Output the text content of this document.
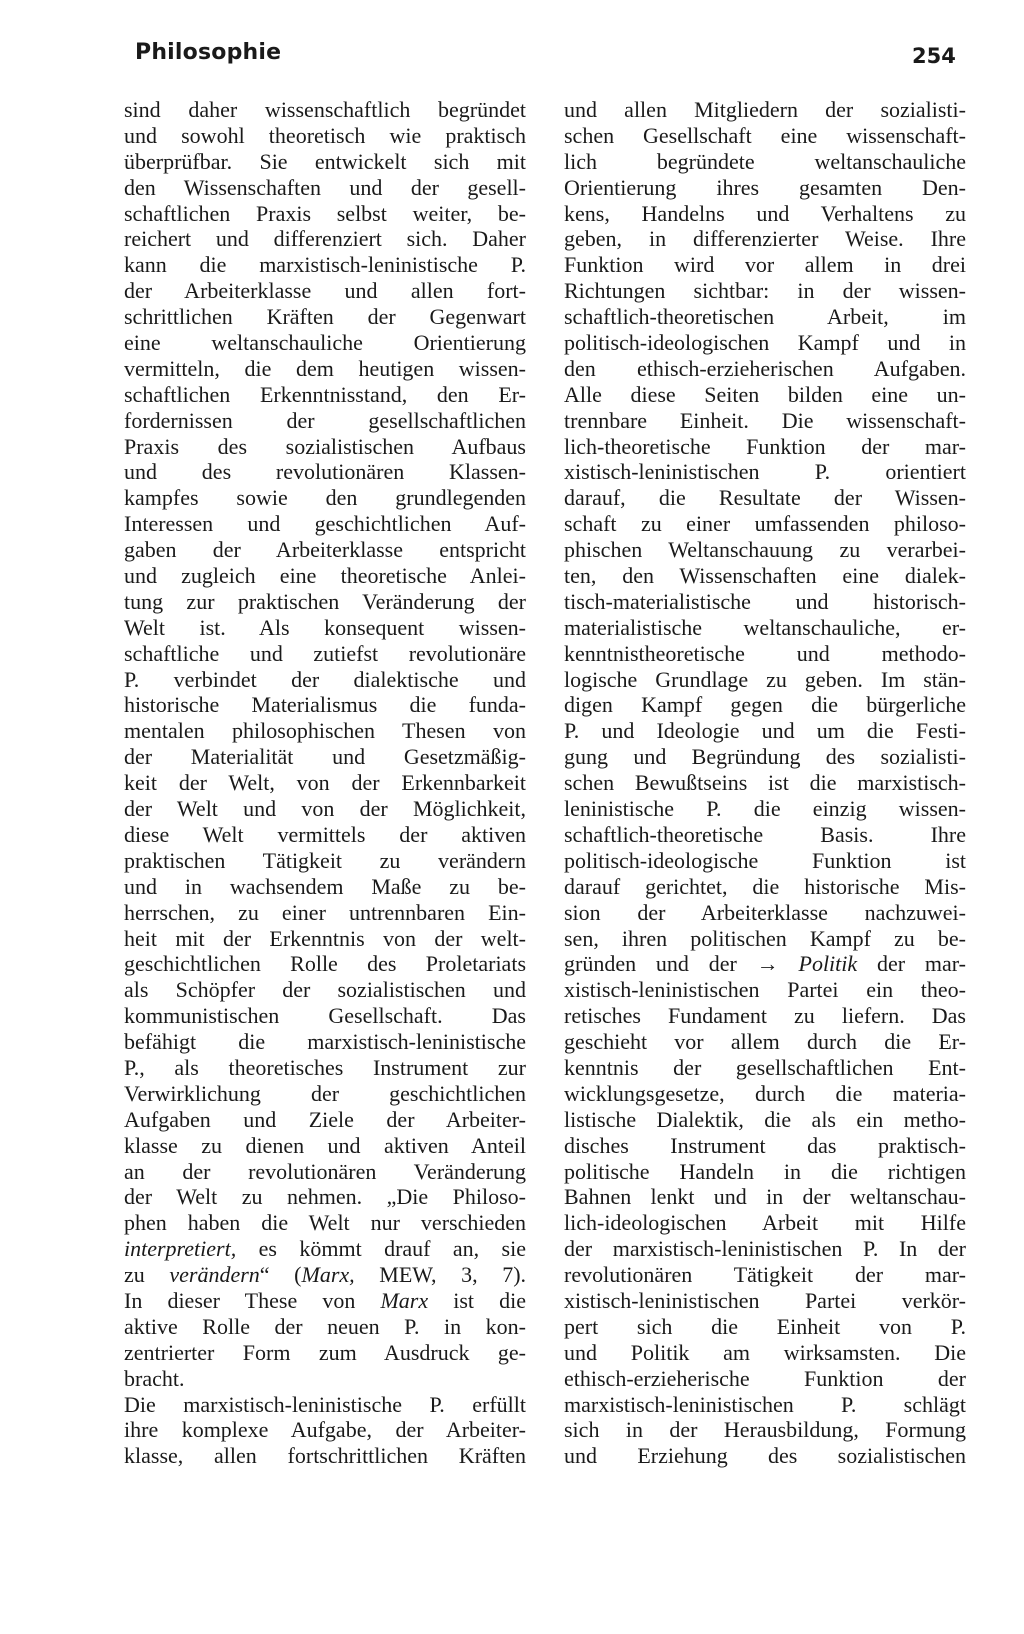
Philosophie	254
sind daher wissenschaftlich begründet
und sowohl theoretisch wie praktisch
überprüfbar. Sie entwickelt sich mit
den Wissenschaften und der gesell-
schaftlichen Praxis selbst weiter, be-
reichert und differenziert sich. Daher
kann die marxistisch-leninistische P.
der Arbeiterklasse und allen fort-
schrittlichen Kräften der Gegenwart
eine weltanschauliche Orientierung
vermitteln, die dem heutigen wissen-
schaftlichen Erkenntnisstand, den Er-
fordernissen der gesellschaftlichen
Praxis des sozialistischen Aufbaus
und des revolutionären Klassen-
kampfes sowie den grundlegenden
Interessen und geschichtlichen Auf-
gaben der Arbeiterklasse entspricht
und zugleich eine theoretische Anlei-
tung zur praktischen Veränderung der
Welt ist. Als konsequent wissen-
schaftliche und zutiefst revolutionäre
P. verbindet der dialektische und
historische Materialismus die funda-
mentalen philosophischen Thesen von
der Materialität und Gesetzmäßig-
keit der Welt, von der Erkennbarkeit
der Welt und von der Möglichkeit,
diese Welt vermittels der aktiven
praktischen Tätigkeit zu verändern
und in wachsendem Maße zu be-
herrschen, zu einer untrennbaren Ein-
heit mit der Erkenntnis von der welt-
geschichtlichen Rolle des Proletariats
als Schöpfer der sozialistischen und
kommunistischen Gesellschaft. Das
befähigt die marxistisch-leninistische
P., als theoretisches Instrument zur
Verwirklichung der geschichtlichen
Aufgaben und Ziele der Arbeiter-
klasse zu dienen und aktiven Anteil
an der revolutionären Veränderung
der Welt zu nehmen. „Die Philoso-
phen haben die Welt nur verschieden
interpretiert, es kömmt drauf an, sie
zu verändern“ (Marx, MEW, 3, 7).
In dieser These von Marx ist die
aktive Rolle der neuen P. in kon-
zentrierter Form zum Ausdruck ge-
bracht.
Die marxistisch-leninistische P. erfüllt
ihre komplexe Aufgabe, der Arbeiter-
klasse, allen fortschrittlichen Kräften
und allen Mitgliedern der sozialisti-
schen Gesellschaft eine wissenschaft-
lich begründete weltanschauliche
Orientierung ihres gesamten Den-
kens, Handelns und Verhaltens zu
geben, in differenzierter Weise. Ihre
Funktion wird vor allem in drei
Richtungen sichtbar: in der wissen-
schaftlich-theoretischen Arbeit, im
politisch-ideologischen Kampf und in
den ethisch-erzieherischen Aufgaben.
Alle diese Seiten bilden eine un-
trennbare Einheit. Die wissenschaft-
lich-theoretische Funktion der mar-
xistisch-leninistischen P. orientiert
darauf, die Resultate der Wissen-
schaft zu einer umfassenden philoso-
phischen Weltanschauung zu verarbei-
ten, den Wissenschaften eine dialek-
tisch-materialistische und historisch-
materialistische weltanschauliche, er-
kenntnistheoretische und methodo-
logische Grundlage zu geben. Im stän-
digen Kampf gegen die bürgerliche
P. und Ideologie und um die Festi-
gung und Begründung des sozialisti-
schen Bewußtseins ist die marxistisch-
leninistische P. die einzig wissen-
schaftlich-theoretische Basis. Ihre
politisch-ideologische Funktion ist
darauf gerichtet, die historische Mis-
sion der Arbeiterklasse nachzuwei-
sen, ihren politischen Kampf zu be-
gründen und der → Politik der mar-
xistisch-leninistischen Partei ein theo-
retisches Fundament zu liefern. Das
geschieht vor allem durch die Er-
kenntnis der gesellschaftlichen Ent-
wicklungsgesetze, durch die materia-
listische Dialektik, die als ein metho-
disches Instrument das praktisch-
politische Handeln in die richtigen
Bahnen lenkt und in der weltanschau-
lich-ideologischen Arbeit mit Hilfe
der marxistisch-leninistischen P. In der
revolutionären Tätigkeit der mar-
xistisch-leninistischen Partei verkör-
pert sich die Einheit von P.
und Politik am wirksamsten. Die
ethisch-erzieherische Funktion der
marxistisch-leninistischen P. schlägt
sich in der Herausbildung, Formung
und Erziehung des sozialistischen
